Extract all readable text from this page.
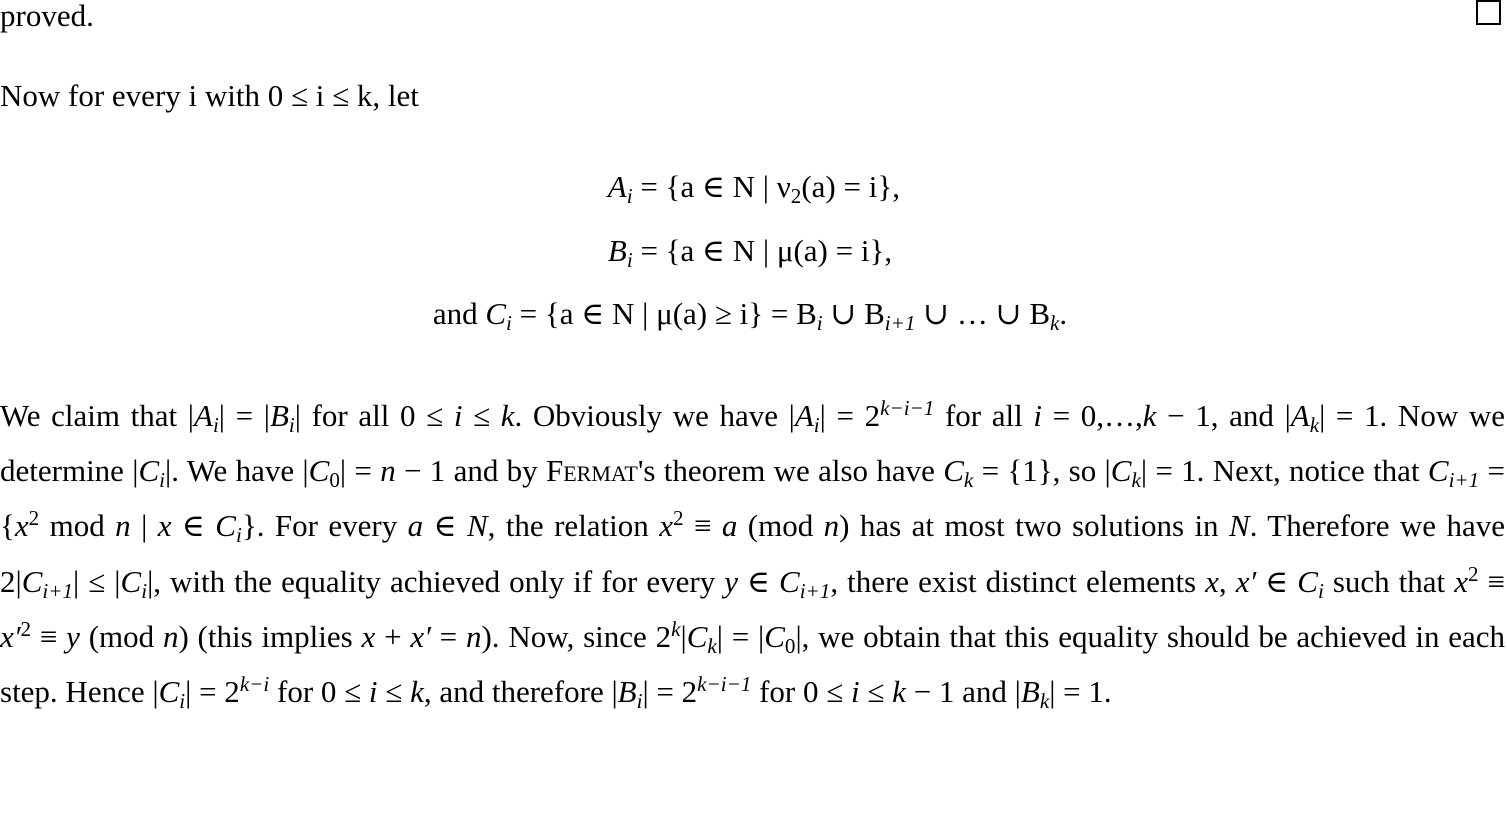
proved.
Now for every i with 0 ≤ i ≤ k, let
$A_i = \{a$ ∈ N | $\nu_2(a) = i$},
$B_i = \{a$ ∈ N | μ(a) = i},
and $C_i = \{a$ ∈ N | $\mu(a) \ge i\} = B_i$ ∪ $B_{i+1}$ ∪ … ∪ $B_k$.
We claim that $|A_i| = |B_i|$ for all 0 ≤ i ≤ k. Obviously we have $|A_i| = 2^{k-i-1}$ for all i = 0,…,k − 1, and $|A_k| = 1$. Now we determine $|C_i|$. We have $|C_0| = n - 1$ and by Fermat's theorem we also have $C_k = \{1\}$, so $|C_k| = 1$. Next, notice that $C_{i+1} = \{x^2$ mod n | x ∈ $C_i$}. For every a ∈ N, the relation $x^2 \equiv a$ (mod n) has at most two solutions in N. Therefore we have $2|C_{i+1}| \le |C_i|$, with the equality achieved only if for every y ∈ $C_{i+1}$, there exist distinct elements x, x′ ∈ $C_i$ such that $x^2 \equiv x'^2 \equiv y$ (mod n) (this implies x + x′ = n). Now, since $2^k|C_k| = |C_0|$, we obtain that this equality should be achieved in each step. Hence $|C_i| = 2^{k-i}$ for 0 ≤ i ≤ k, and therefore $|B_i| = 2^{k-i-1}$ for 0 ≤ i ≤ k − 1 and $|B_k| = 1$.
